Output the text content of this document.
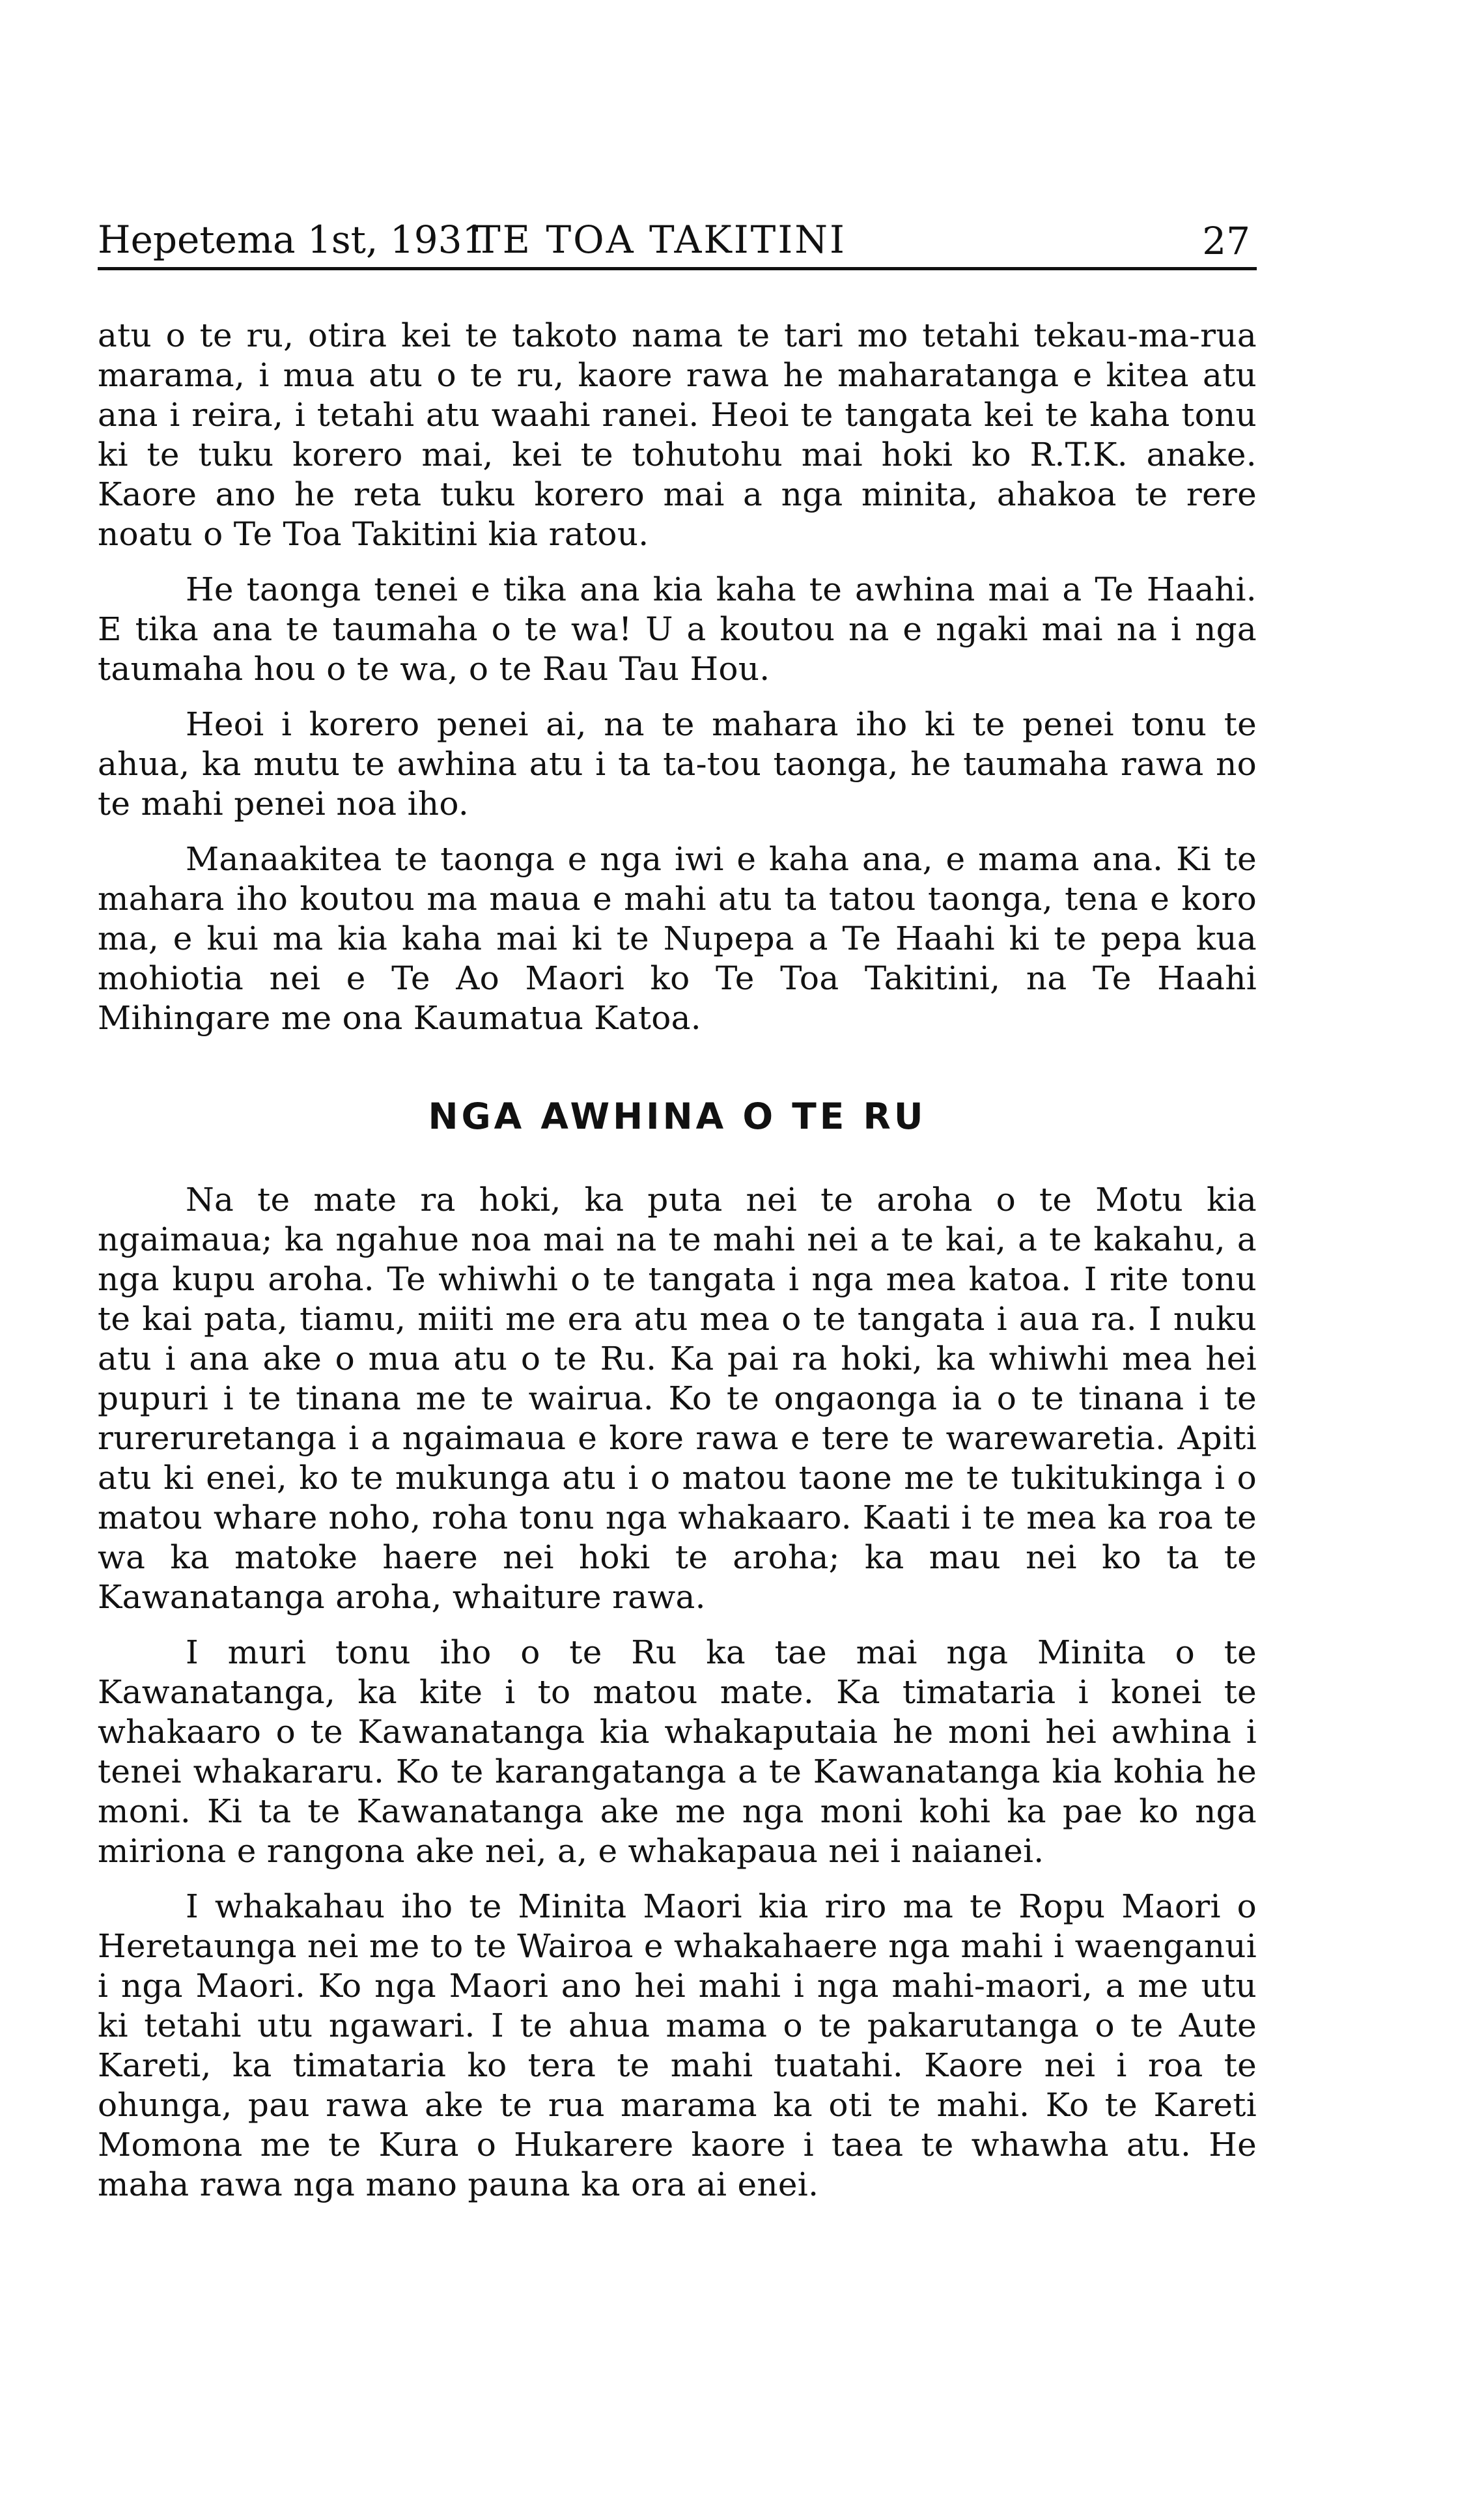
Hepetema 1st, 1931
TE TOA TAKITINI	27

atu o te ru, otira kei te takoto nama te tari mo tetahi tekau-ma-rua marama, i mua atu o te ru, kaore rawa he maharatanga e kitea atu ana i reira, i tetahi atu waahi ranei. Heoi te tangata kei te kaha tonu ki te tuku korero mai, kei te tohutohu mai hoki ko R.T.K. anake. Kaore ano he reta tuku korero mai a nga minita, ahakoa te rere noatu o Te Toa Takitini kia ratou.

He taonga tenei e tika ana kia kaha te awhina mai a Te Haahi. E tika ana te taumaha o te wa! U a koutou na e ngaki mai na i nga taumaha hou o te wa, o te Rau Tau Hou.

Heoi i korero penei ai, na te mahara iho ki te penei tonu te ahua, ka mutu te awhina atu i ta ta-tou taonga, he taumaha rawa no te mahi penei noa iho.

Manaakitea te taonga e nga iwi e kaha ana, e mama ana. Ki te mahara iho koutou ma maua e mahi atu ta tatou taonga, tena e koro ma, e kui ma kia kaha mai ki te Nupepa a Te Haahi ki te pepa kua mohiotia nei e Te Ao Maori ko Te Toa Takitini, na Te Haahi Mihingare me ona Kaumatua Katoa.

NGA AWHINA O TE RU

Na te mate ra hoki, ka puta nei te aroha o te Motu kia ngaimaua; ka ngahue noa mai na te mahi nei a te kai, a te kakahu, a nga kupu aroha. Te whiwhi o te tangata i nga mea katoa. I rite tonu te kai pata, tiamu, miiti me era atu mea o te tangata i aua ra. I nuku atu i ana ake o mua atu o te Ru. Ka pai ra hoki, ka whiwhi mea hei pupuri i te tinana me te wairua. Ko te ongaonga ia o te tinana i te rureruretanga i a ngaimaua e kore rawa e tere te warewaretia. Apiti atu ki enei, ko te mukunga atu i o matou taone me te tukitukinga i o matou whare noho, roha tonu nga whakaaro. Kaati i te mea ka roa te wa ka matoke haere nei hoki te aroha; ka mau nei ko ta te Kawanatanga aroha, whaiture rawa.

I muri tonu iho o te Ru ka tae mai nga Minita o te Kawanatanga, ka kite i to matou mate. Ka timataria i konei te whakaaro o te Kawanatanga kia whakaputaia he moni hei awhina i tenei whakararu. Ko te karangatanga a te Kawanatanga kia kohia he moni. Ki ta te Kawanatanga ake me nga moni kohi ka pae ko nga miriona e rangona ake nei, a, e whakapaua nei i naianei.

I whakahau iho te Minita Maori kia riro ma te Ropu Maori o Heretaunga nei me to te Wairoa e whakahaere nga mahi i waenganui i nga Maori. Ko nga Maori ano hei mahi i nga mahi-maori, a me utu ki tetahi utu ngawari. I te ahua mama o te pakarutanga o te Aute Kareti, ka timataria ko tera te mahi tuatahi. Kaore nei i roa te ohunga, pau rawa ake te rua marama ka oti te mahi. Ko te Kareti Momona me te Kura o Hukarere kaore i taea te whawha atu. He maha rawa nga mano pauna ka ora ai enei.
